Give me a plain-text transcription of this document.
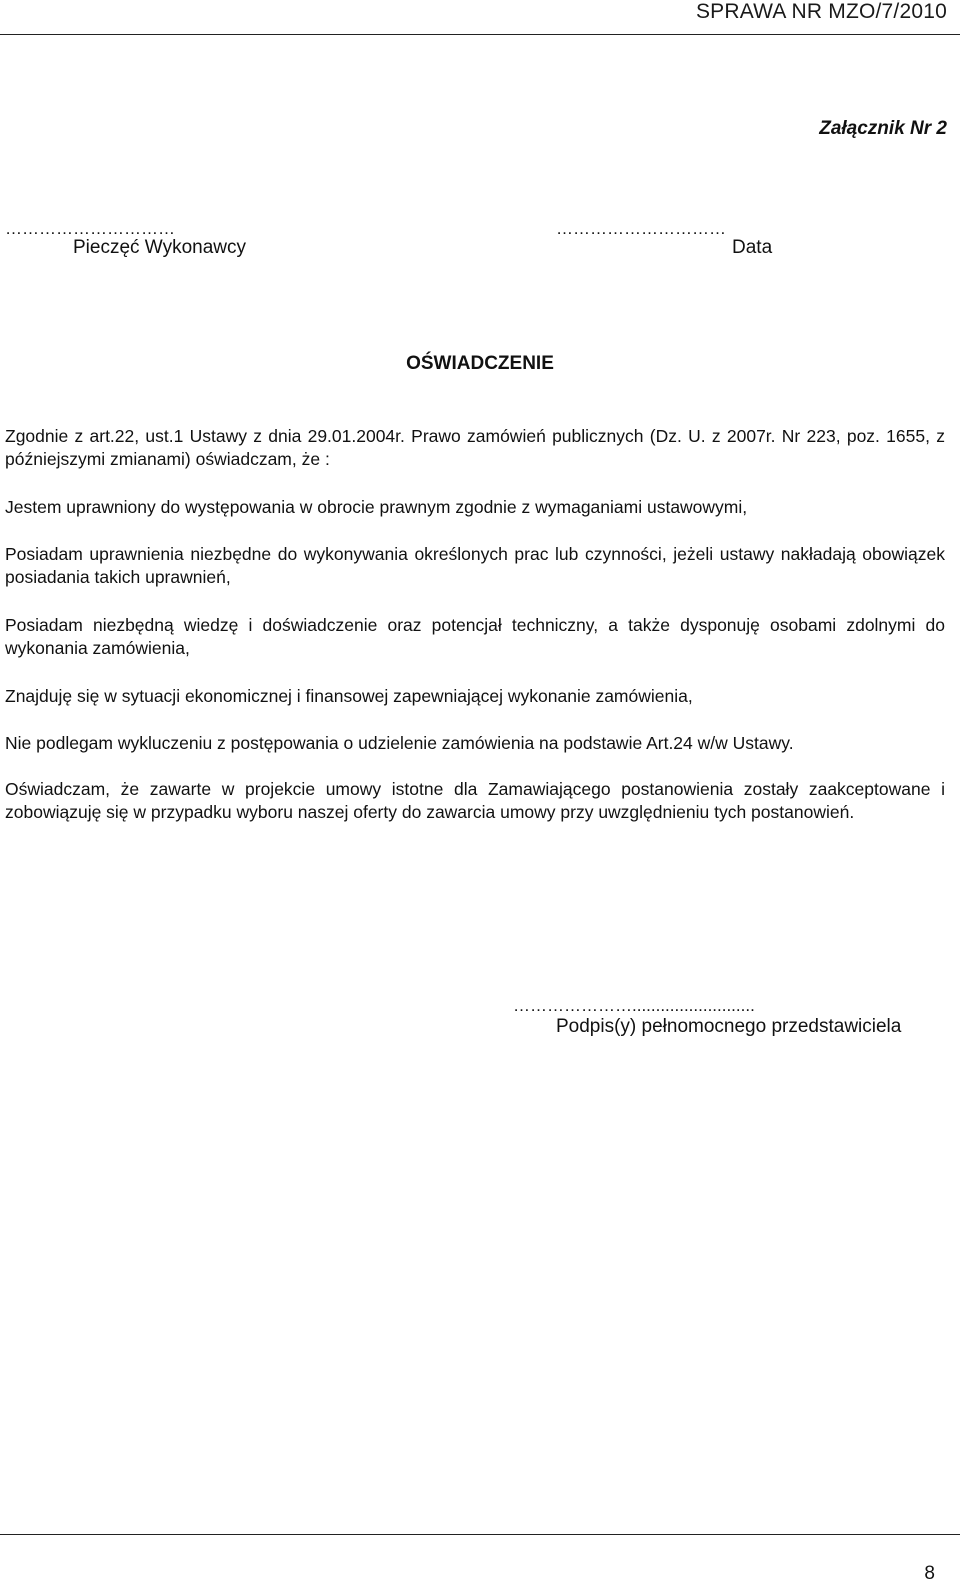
SPRAWA NR MZO/7/2010
Załącznik Nr 2
…………………………
Pieczęć Wykonawcy
…………………………
Data
OŚWIADCZENIE
Zgodnie z art.22, ust.1 Ustawy z dnia 29.01.2004r. Prawo zamówień publicznych (Dz. U. z 2007r. Nr 223, poz. 1655, z późniejszymi zmianami) oświadczam, że :
Jestem uprawniony do występowania w obrocie prawnym zgodnie z wymaganiami ustawowymi,
Posiadam uprawnienia niezbędne do wykonywania określonych prac lub czynności, jeżeli ustawy nakładają obowiązek posiadania takich uprawnień,
Posiadam niezbędną wiedzę i doświadczenie oraz potencjał techniczny, a także dysponuję osobami zdolnymi do wykonania zamówienia,
Znajduję się w sytuacji ekonomicznej i finansowej zapewniającej wykonanie zamówienia,
Nie podlegam wykluczeniu z postępowania o udzielenie zamówienia na podstawie Art.24 w/w Ustawy.
Oświadczam, że zawarte w projekcie umowy istotne dla Zamawiającego postanowienia zostały zaakceptowane i zobowiązuję się w przypadku wyboru naszej oferty do zawarcia umowy przy uwzględnieniu tych postanowień.
…………………..........................
Podpis(y) pełnomocnego przedstawiciela
8
